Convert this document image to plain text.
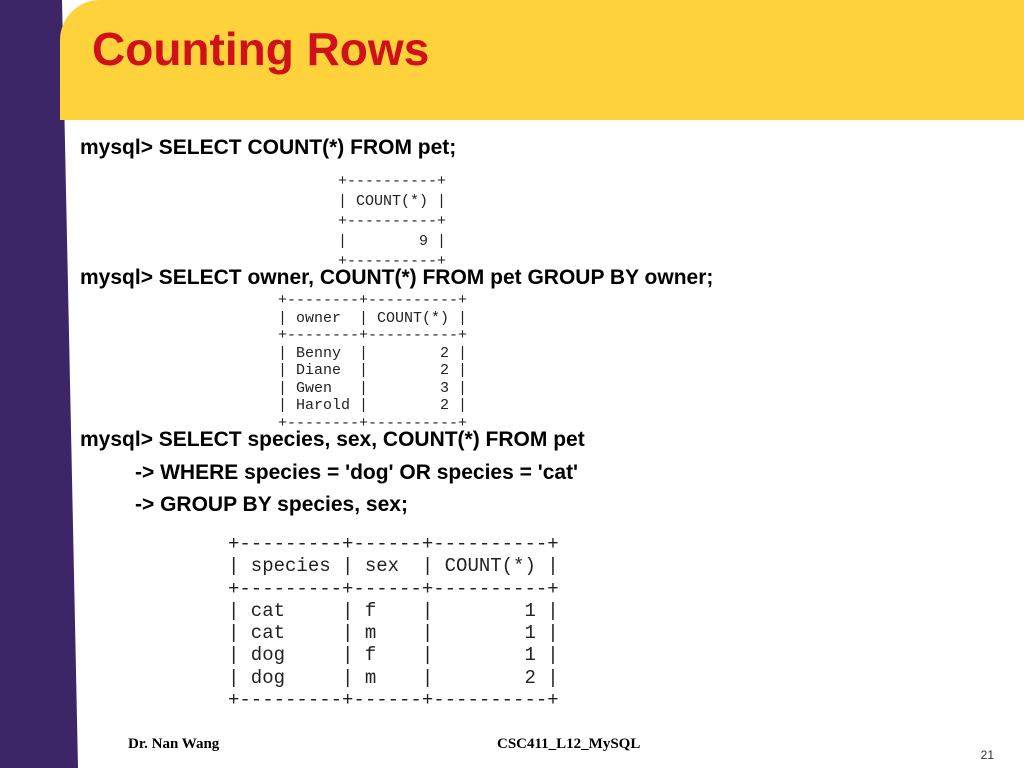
Counting Rows

mysql> SELECT COUNT(*) FROM pet;

+----------+
| COUNT(*) |
+----------+
|        9 |
+----------+

mysql> SELECT owner, COUNT(*) FROM pet GROUP BY owner;

+--------+----------+
| owner  | COUNT(*) |
+--------+----------+
| Benny  |        2 |
| Diane  |        2 |
| Gwen   |        3 |
| Harold |        2 |
+--------+----------+

mysql> SELECT species, sex, COUNT(*) FROM pet

-> WHERE species = 'dog' OR species = 'cat'

-> GROUP BY species, sex;

+---------+------+----------+
| species | sex  | COUNT(*) |
+---------+------+----------+
| cat     | f    |        1 |
| cat     | m    |        1 |
| dog     | f    |        1 |
| dog     | m    |        2 |
+---------+------+----------+
Dr. Nan Wang	CSC411_L12_MySQL
21
